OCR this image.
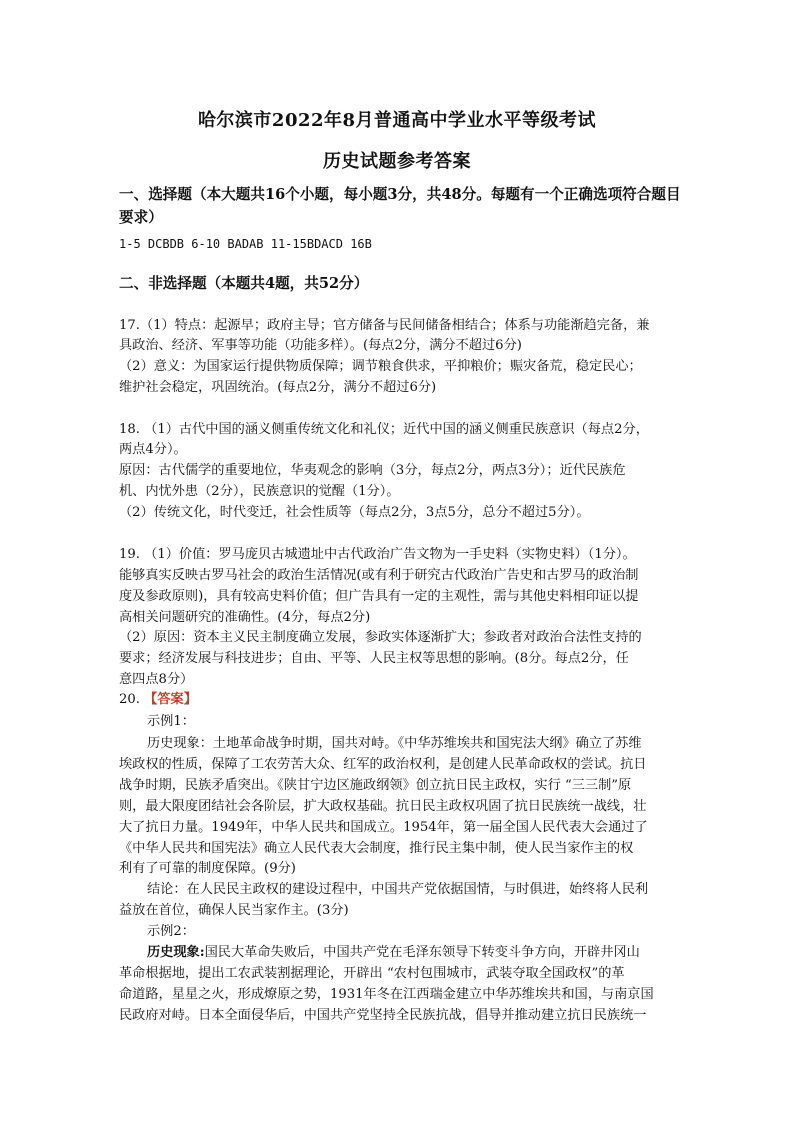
哈尔滨市2022年8月普通高中学业水平等级考试
历史试题参考答案
一、选择题（本大题共16个小题，每小题3分，共48分。每题有一个正确选项符合题目
要求）
1-5 DCBDB 6-10 BADAB 11-15BDACD 16B
二、非选择题（本题共4题，共52分）
17.（1）特点：起源早；政府主导；官方储备与民间储备相结合；体系与功能渐趋完备，兼
具政治、经济、军事等功能（功能多样）。(每点2分，满分不超过6分)
（2）意义：为国家运行提供物质保障；调节粮食供求，平抑粮价；赈灾备荒，稳定民心；
维护社会稳定，巩固统治。(每点2分，满分不超过6分)
18. （1）古代中国的涵义侧重传统文化和礼仪；近代中国的涵义侧重民族意识（每点2分，
两点4分）。
原因：古代儒学的重要地位，华夷观念的影响（3分，每点2分，两点3分）；近代民族危
机、内忧外患（2分），民族意识的觉醒（1分）。
（2）传统文化，时代变迁，社会性质等（每点2分，3点5分，总分不超过5分）。
19. （1）价值：罗马庞贝古城遗址中古代政治广告文物为一手史料（实物史料）（1分）。
能够真实反映古罗马社会的政治生活情况(或有利于研究古代政治广告史和古罗马的政治制
度及参政原则)，具有较高史料价值；但广告具有一定的主观性，需与其他史料相印证以提
高相关问题研究的准确性。(4分，每点2分)
（2）原因：资本主义民主制度确立发展，参政实体逐渐扩大；参政者对政治合法性支持的
要求；经济发展与科技进步；自由、平等、人民主权等思想的影响。(8分。每点2分，任
意四点8分）
20. 【答案】
示例1：
历史现象：土地革命战争时期，国共对峙。《中华苏维埃共和国宪法大纲》确立了苏维
埃政权的性质，保障了工农劳苦大众、红军的政治权利，是创建人民革命政权的尝试。抗日
战争时期，民族矛盾突出。《陕甘宁边区施政纲领》创立抗日民主政权，实行 “三三制”原
则，最大限度团结社会各阶层，扩大政权基础。抗日民主政权巩固了抗日民族统一战线，壮
大了抗日力量。1949年，中华人民共和国成立。1954年，第一届全国人民代表大会通过了
《中华人民共和国宪法》确立人民代表大会制度，推行民主集中制，使人民当家作主的权
利有了可靠的制度保障。(9分)
结论：在人民民主政权的建设过程中，中国共产党依据国情，与时俱进，始终将人民利
益放在首位，确保人民当家作主。(3分)
示例2：
历史现象:国民大革命失败后，中国共产党在毛泽东领导下转变斗争方向，开辟井冈山
革命根据地，提出工农武装割据理论，开辟出 “农村包围城市，武装夺取全国政权”的革
命道路，星星之火，形成燎原之势，1931年冬在江西瑞金建立中华苏维埃共和国，与南京国
民政府对峙。日本全面侵华后，中国共产党坚持全民族抗战，倡导并推动建立抗日民族统一
